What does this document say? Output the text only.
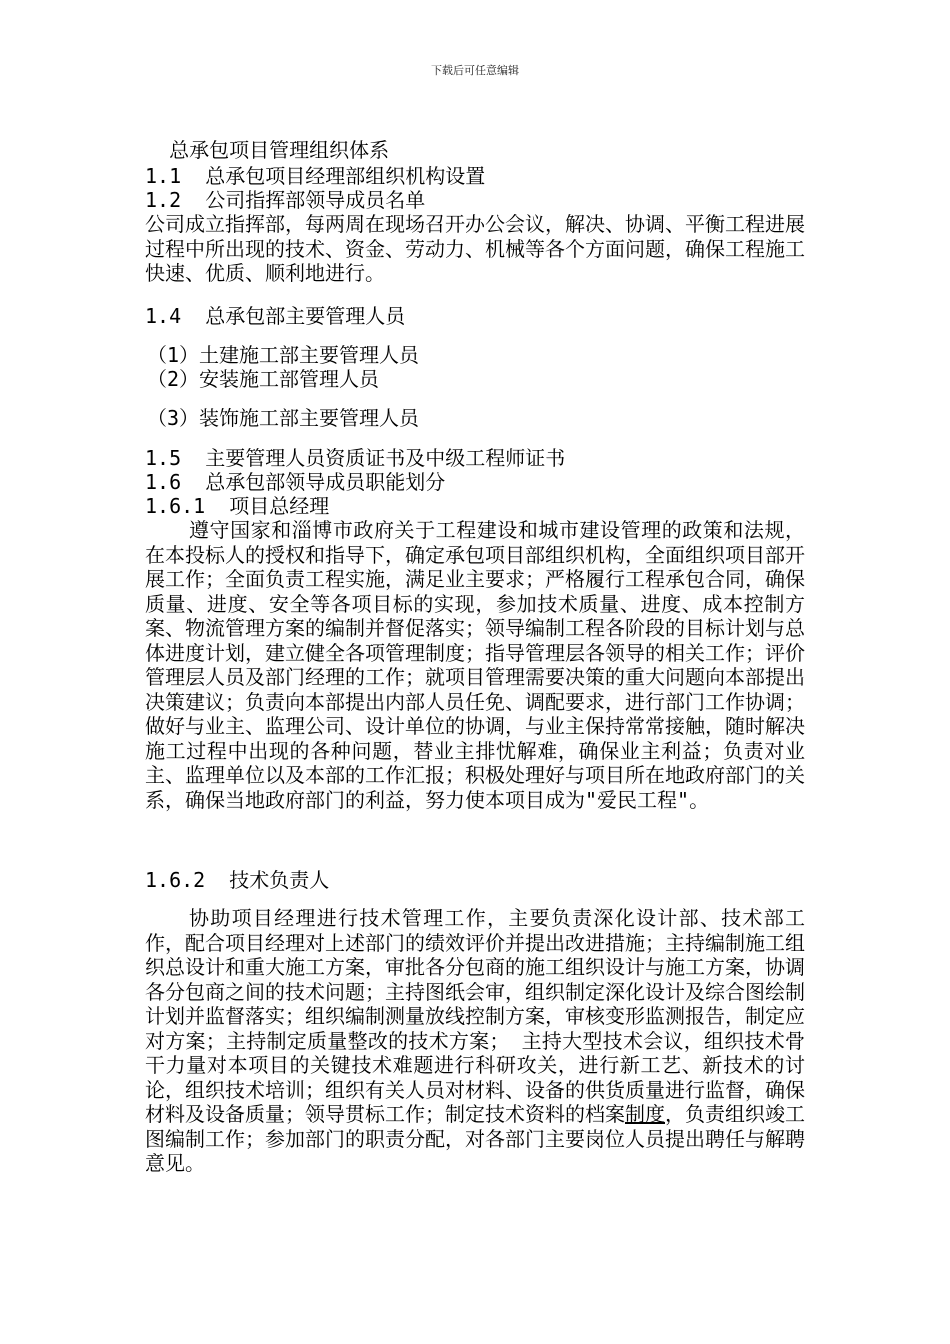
下载后可任意编辑
总承包项目管理组织体系
1.1  总承包项目经理部组织机构设置
1.2  公司指挥部领导成员名单
公司成立指挥部，每两周在现场召开办公会议，解决、协调、平衡工程进展过程中所出现的技术、资金、劳动力、机械等各个方面问题，确保工程施工快速、优质、顺利地进行。
1.4  总承包部主要管理人员
（1）土建施工部主要管理人员
（2）安装施工部管理人员
（3）装饰施工部主要管理人员
1.5  主要管理人员资质证书及中级工程师证书
1.6  总承包部领导成员职能划分
1.6.1  项目总经理
遵守国家和淄博市政府关于工程建设和城市建设管理的政策和法规，在本投标人的授权和指导下，确定承包项目部组织机构，全面组织项目部开展工作；全面负责工程实施，满足业主要求；严格履行工程承包合同，确保质量、进度、安全等各项目标的实现，参加技术质量、进度、成本控制方案、物流管理方案的编制并督促落实；领导编制工程各阶段的目标计划与总体进度计划，建立健全各项管理制度；指导管理层各领导的相关工作；评价管理层人员及部门经理的工作；就项目管理需要决策的重大问题向本部提出决策建议；负责向本部提出内部人员任免、调配要求，进行部门工作协调；做好与业主、监理公司、设计单位的协调，与业主保持常常接触，随时解决施工过程中出现的各种问题，替业主排忧解难，确保业主利益；负责对业主、监理单位以及本部的工作汇报；积极处理好与项目所在地政府部门的关系，确保当地政府部门的利益，努力使本项目成为"爱民工程"。
1.6.2  技术负责人
协助项目经理进行技术管理工作，主要负责深化设计部、技术部工作，配合项目经理对上述部门的绩效评价并提出改进措施；主持编制施工组织总设计和重大施工方案，审批各分包商的施工组织设计与施工方案，协调各分包商之间的技术问题；主持图纸会审，组织制定深化设计及综合图绘制计划并监督落实；组织编制测量放线控制方案，审核变形监测报告，制定应对方案；主持制定质量整改的技术方案； 主持大型技术会议，组织技术骨干力量对本项目的关键技术难题进行科研攻关，进行新工艺、新技术的讨论，组织技术培训；组织有关人员对材料、设备的供货质量进行监督，确保材料及设备质量；领导贯标工作；制定技术资料的档案制度，负责组织竣工图编制工作；参加部门的职责分配，对各部门主要岗位人员提出聘任与解聘意见。
